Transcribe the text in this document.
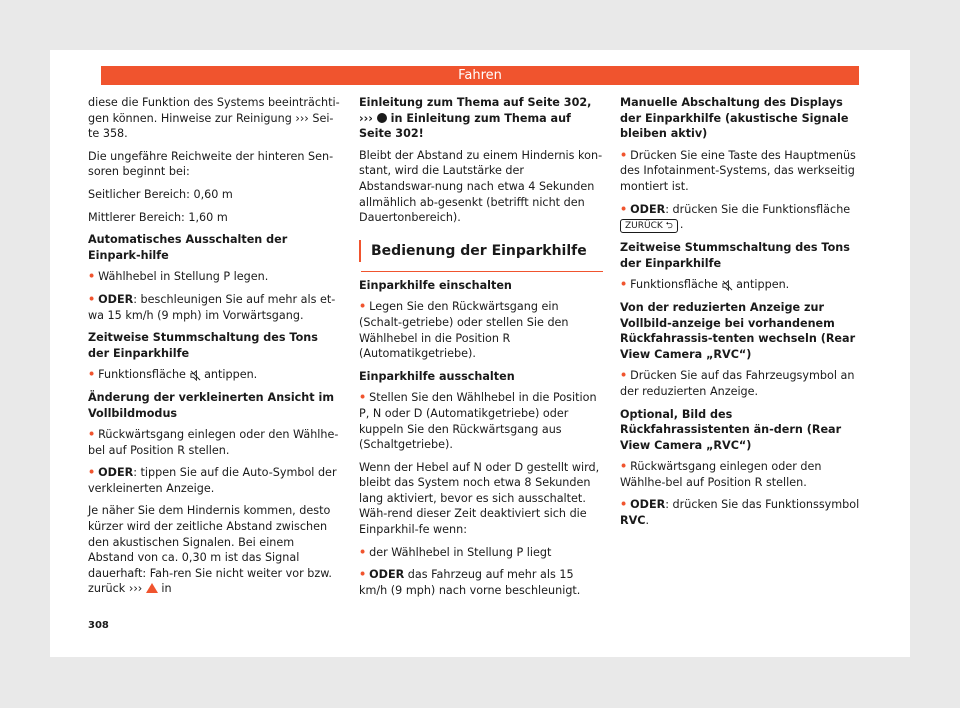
Fahren

diese die Funktion des Systems beeinträchti-gen können. Hinweise zur Reinigung ››› Sei-te 358.

Die ungefähre Reichweite der hinteren Sen-soren beginnt bei:

Seitlicher Bereich: 0,60 m

Mittlerer Bereich: 1,60 m

Automatisches Ausschalten der Einpark-hilfe
• Wählhebel in Stellung P legen.
• ODER: beschleunigen Sie auf mehr als et-wa 15 km/h (9 mph) im Vorwärtsgang.
Zeitweise Stummschaltung des Tons der Einparkhilfe
• Funktionsfläche antippen.
Änderung der verkleinerten Ansicht im Vollbildmodus
• Rückwärtsgang einlegen oder den Wählhe-bel auf Position R stellen.
• ODER: tippen Sie auf die Auto-Symbol der verkleinerten Anzeige.

Je näher Sie dem Hindernis kommen, desto kürzer wird der zeitliche Abstand zwischen den akustischen Signalen. Bei einem Abstand von ca. 0,30 m ist das Signal dauerhaft: Fah-ren Sie nicht weiter vor bzw. zurück ››› in

Einleitung zum Thema auf Seite 302, ››› in Einleitung zum Thema auf Seite 302!

Bleibt der Abstand zu einem Hindernis kon-stant, wird die Lautstärke der Abstandswar-nung nach etwa 4 Sekunden allmählich ab-gesenkt (betrifft nicht den Dauertonbereich).

Bedienung der Einparkhilfe
Einparkhilfe einschalten
• Legen Sie den Rückwärtsgang ein (Schalt-getriebe) oder stellen Sie den Wählhebel in die Position R (Automatikgetriebe).
Einparkhilfe ausschalten
• Stellen Sie den Wählhebel in die Position P, N oder D (Automatikgetriebe) oder kuppeln Sie den Rückwärtsgang aus (Schaltgetriebe).

Wenn der Hebel auf N oder D gestellt wird, bleibt das System noch etwa 8 Sekunden lang aktiviert, bevor es sich ausschaltet. Wäh-rend dieser Zeit deaktiviert sich die Einparkhil-fe wenn:

• der Wählhebel in Stellung P liegt
• ODER das Fahrzeug auf mehr als 15 km/h (9 mph) nach vorne beschleunigt.
Manuelle Abschaltung des Displays der Einparkhilfe (akustische Signale bleiben aktiv)
• Drücken Sie eine Taste des Hauptmenüs des Infotainment-Systems, das werkseitig montiert ist.
• ODER: drücken Sie die Funktionsfläche ZURÜCK ⮌ .
Zeitweise Stummschaltung des Tons der Einparkhilfe
• Funktionsfläche antippen.
Von der reduzierten Anzeige zur Vollbild-anzeige bei vorhandenem Rückfahrassis-tenten wechseln (Rear View Camera „RVC“)
• Drücken Sie auf das Fahrzeugsymbol an der reduzierten Anzeige.
Optional, Bild des Rückfahrassistenten än-dern (Rear View Camera „RVC“)
• Rückwärtsgang einlegen oder den Wählhe-bel auf Position R stellen.
• ODER: drücken Sie das Funktionssymbol RVC.
308
